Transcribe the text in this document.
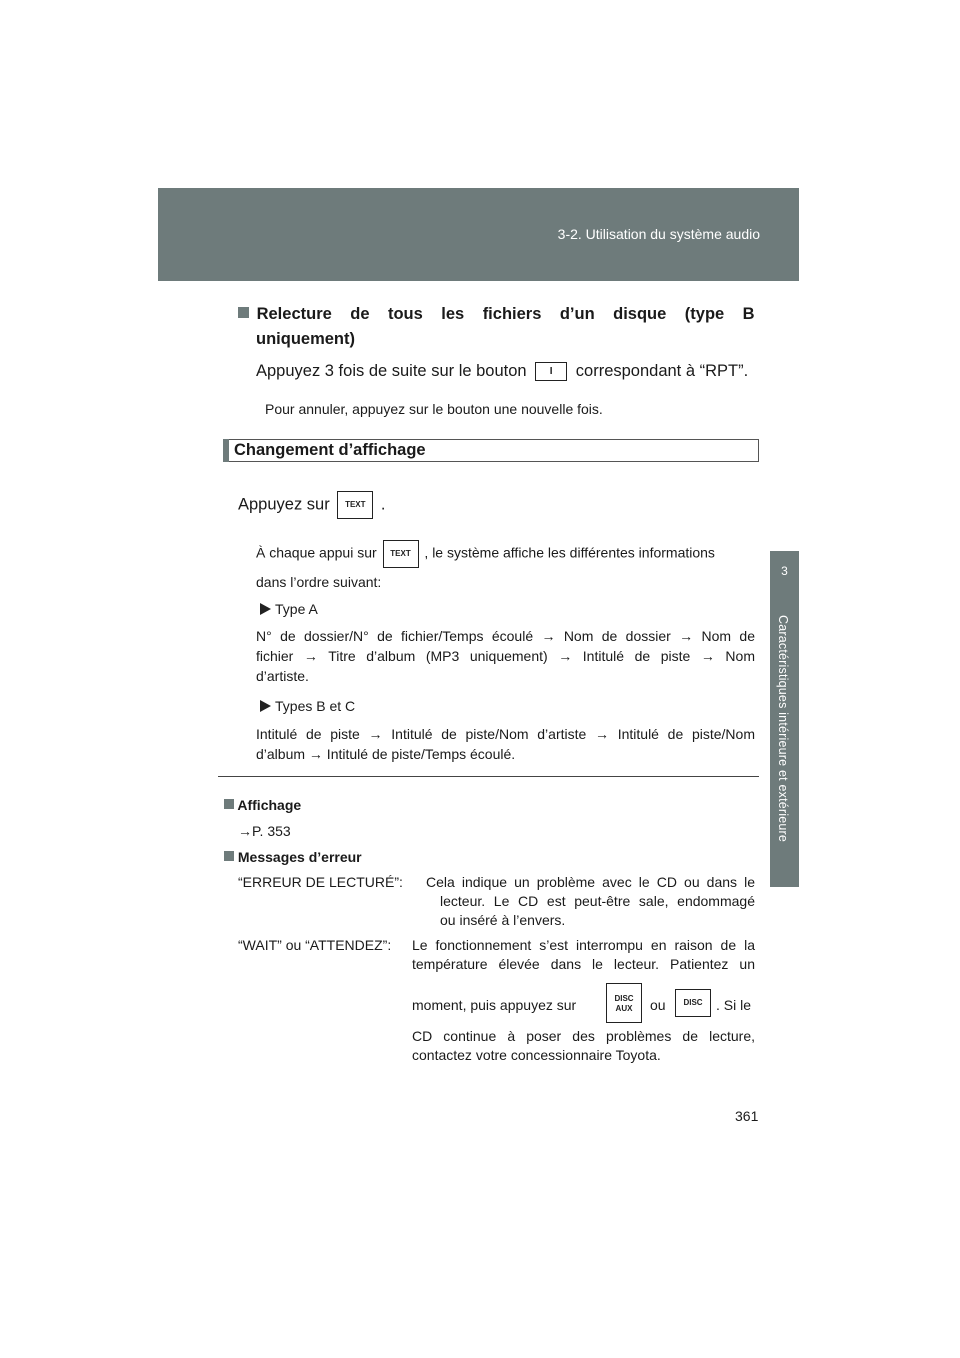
3-2. Utilisation du système audio
3
Caractéristiques intérieure et extérieure
Relecture de tous les fichiers d’un disque (type B
uniquement)
Appuyez 3 fois de suite sur le bouton I correspondant à “RPT”.
Pour annuler, appuyez sur le bouton une nouvelle fois.
Changement d’affichage
Appuyez sur TEXT .
À chaque appui sur TEXT , le système affiche les différentes informations
dans l’ordre suivant:
Type A
N° de dossier/N° de fichier/Temps écoulé → Nom de dossier → Nom de
fichier → Titre d’album (MP3 uniquement) → Intitulé de piste → Nom
d’artiste.
Types B et C
Intitulé de piste → Intitulé de piste/Nom d’artiste → Intitulé de piste/Nom
d’album → Intitulé de piste/Temps écoulé.
Affichage
→P. 353
Messages d’erreur
“ERREUR DE LECTURÉ”: Cela indique un problème avec le CD ou dans le
lecteur. Le CD est peut-être sale, endommagé
ou inséré à l’envers.
“WAIT” ou “ATTENDEZ”: Le fonctionnement s’est interrompu en raison de la
température élevée dans le lecteur. Patientez un
moment, puis appuyez sur	DISC
AUX	ou	DISC . Si le
CD continue à poser des problèmes de lecture,
contactez votre concessionnaire Toyota.
361
